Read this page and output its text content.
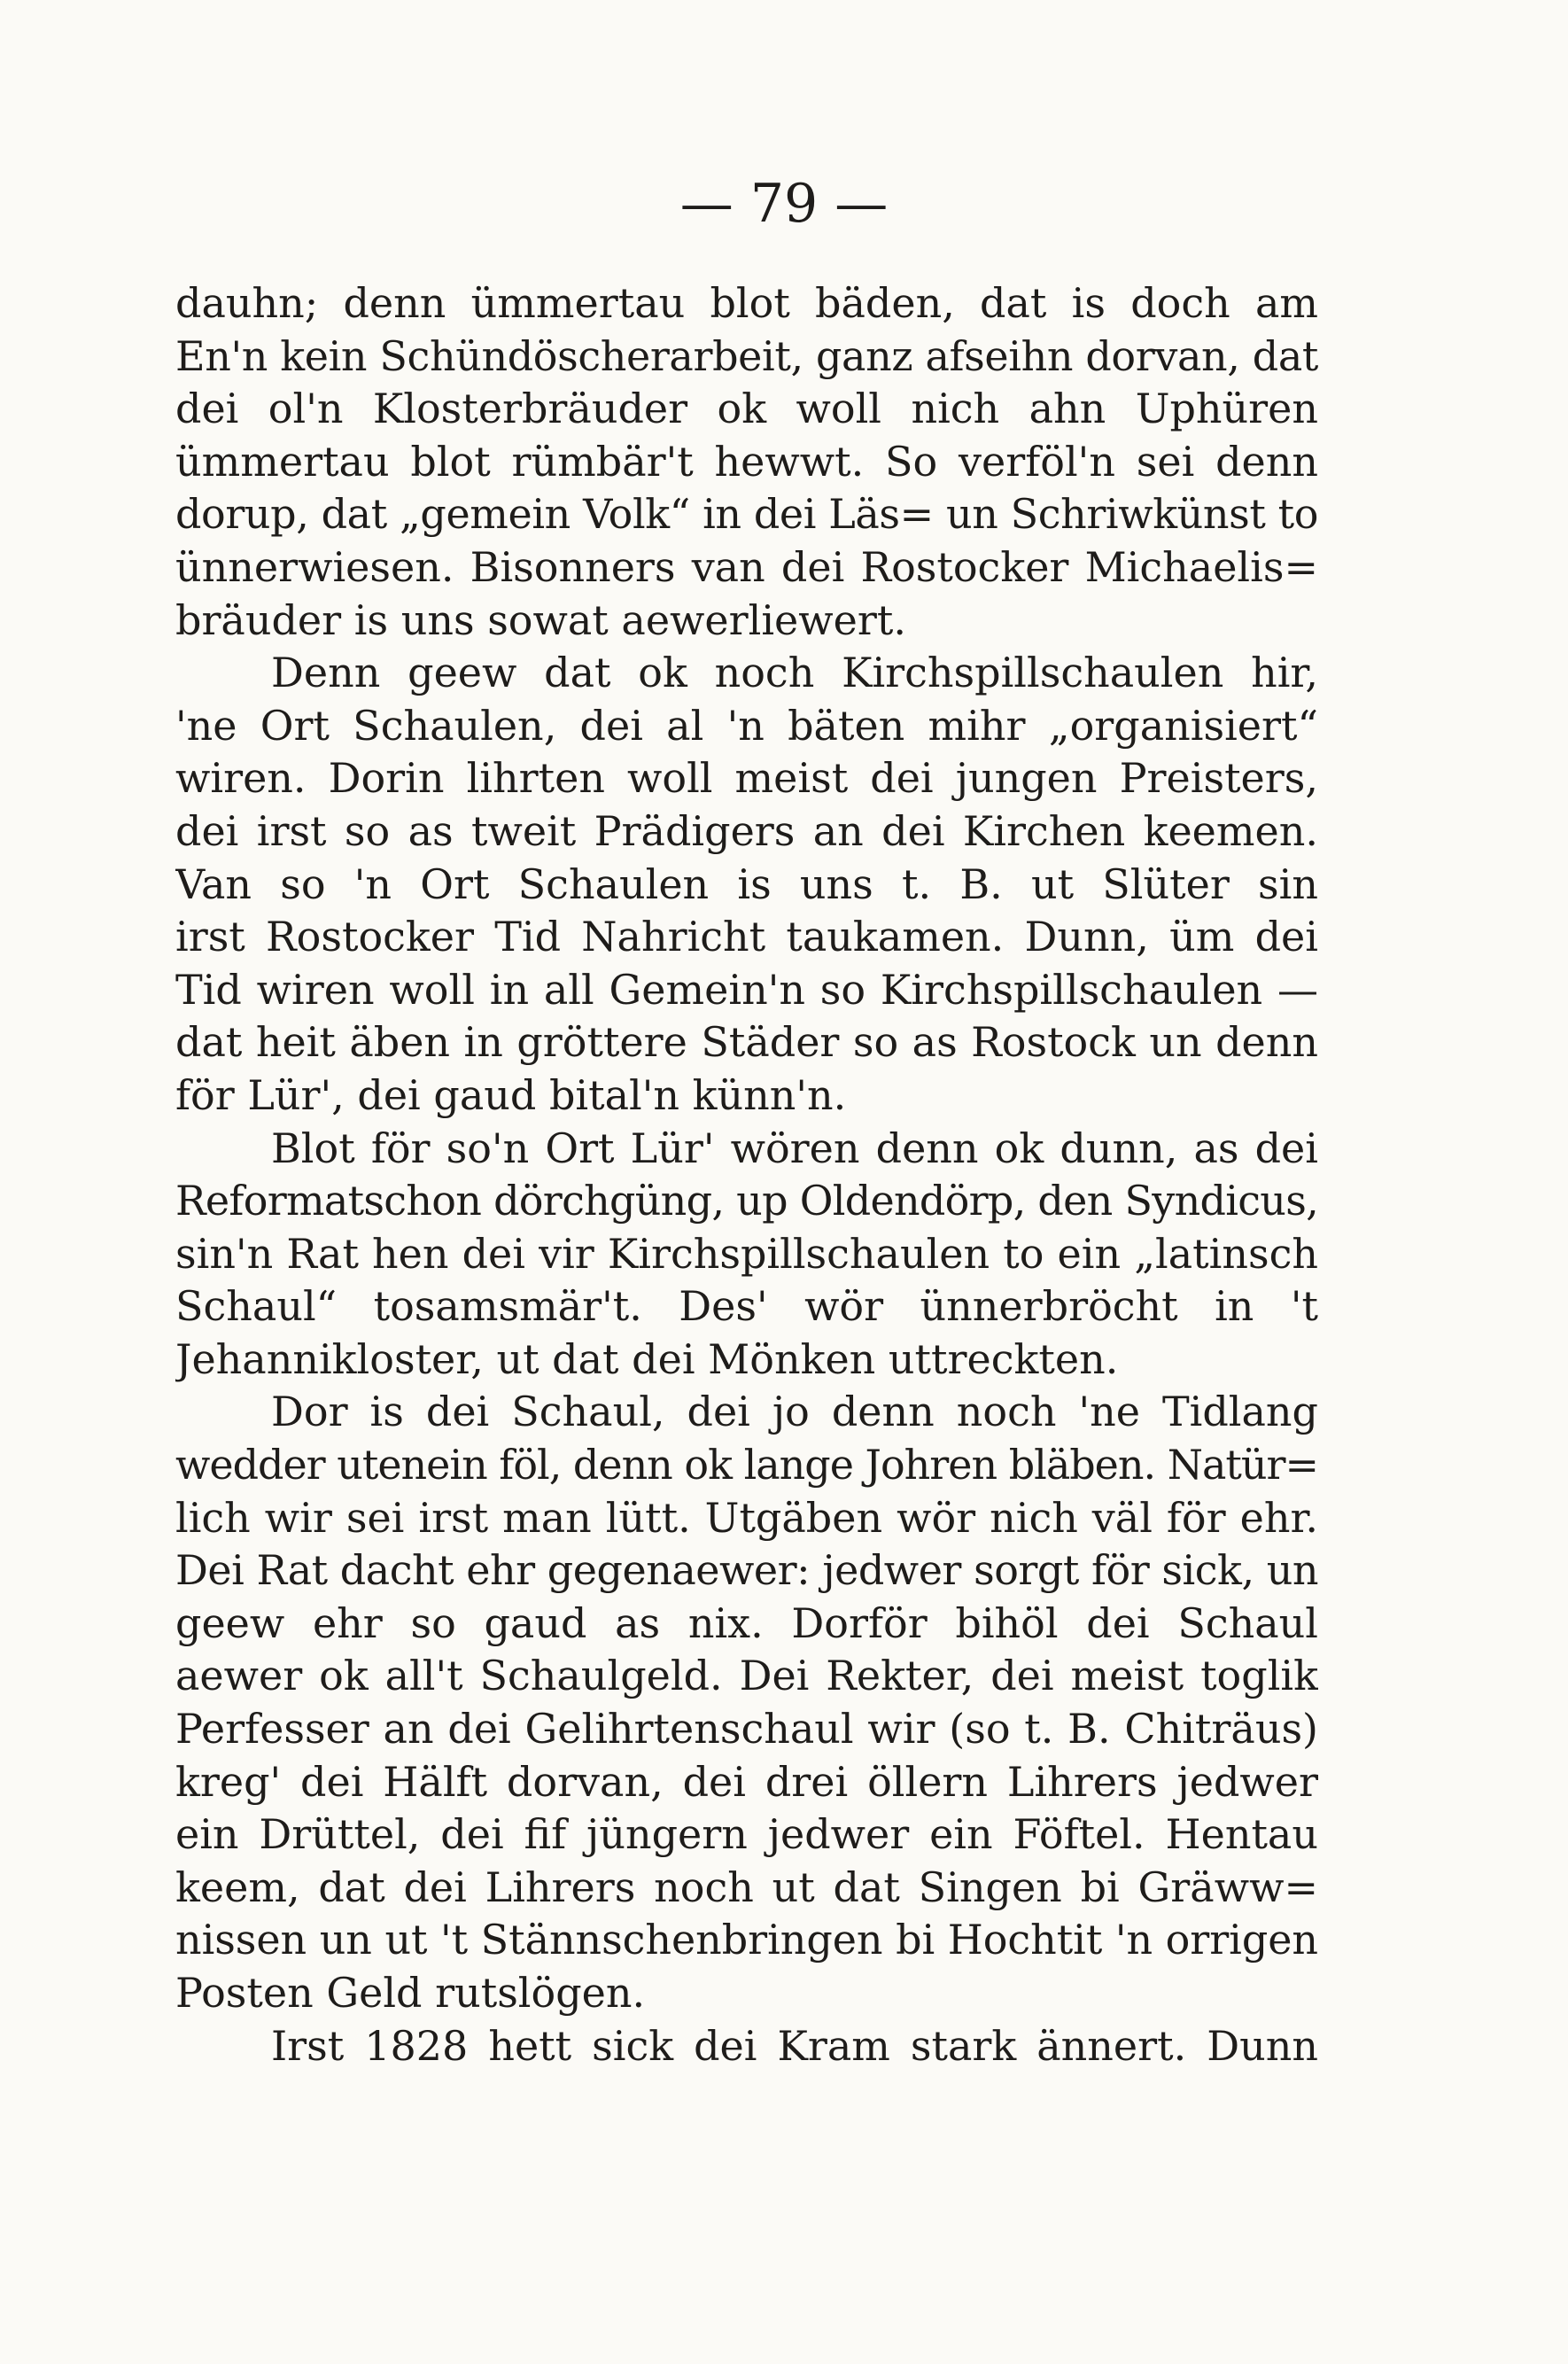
— 79 —
dauhn; denn ümmertau blot bäden, dat is doch am
En'n kein Schündöscherarbeit, ganz afseihn dorvan, dat
dei ol'n Klosterbräuder ok woll nich ahn Uphüren
ümmertau blot rümbär't hewwt. So verföl'n sei denn
dorup, dat „gemein Volk“ in dei Läs= un Schriwkünst to
ünnerwiesen. Bisonners van dei Rostocker Michaelis=
bräuder is uns sowat aewerliewert.
Denn geew dat ok noch Kirchspillschaulen hir,
'ne Ort Schaulen, dei al 'n bäten mihr „organisiert“
wiren. Dorin lihrten woll meist dei jungen Preisters,
dei irst so as tweit Prädigers an dei Kirchen keemen.
Van so 'n Ort Schaulen is uns t. B. ut Slüter sin
irst Rostocker Tid Nahricht taukamen. Dunn, üm dei
Tid wiren woll in all Gemein'n so Kirchspillschaulen —
dat heit äben in gröttere Städer so as Rostock un denn
för Lür', dei gaud bital'n künn'n.
Blot för so'n Ort Lür' wören denn ok dunn, as dei
Reformatschon dörchgüng, up Oldendörp, den Syndicus,
sin'n Rat hen dei vir Kirchspillschaulen to ein „latinsch
Schaul“ tosamsmär't. Des' wör ünnerbröcht in 't
Jehannikloster, ut dat dei Mönken uttreckten.
Dor is dei Schaul, dei jo denn noch 'ne Tidlang
wedder utenein föl, denn ok lange Johren bläben. Natür=
lich wir sei irst man lütt. Utgäben wör nich väl för ehr.
Dei Rat dacht ehr gegenaewer: jedwer sorgt för sick, un
geew ehr so gaud as nix. Dorför bihöl dei Schaul
aewer ok all't Schaulgeld. Dei Rekter, dei meist toglik
Perfesser an dei Gelihrtenschaul wir (so t. B. Chiträus)
kreg' dei Hälft dorvan, dei drei öllern Lihrers jedwer
ein Drüttel, dei fif jüngern jedwer ein Föftel. Hentau
keem, dat dei Lihrers noch ut dat Singen bi Gräww=
nissen un ut 't Stännschenbringen bi Hochtit 'n orrigen
Posten Geld rutslögen.
Irst 1828 hett sick dei Kram stark ännert. Dunn
